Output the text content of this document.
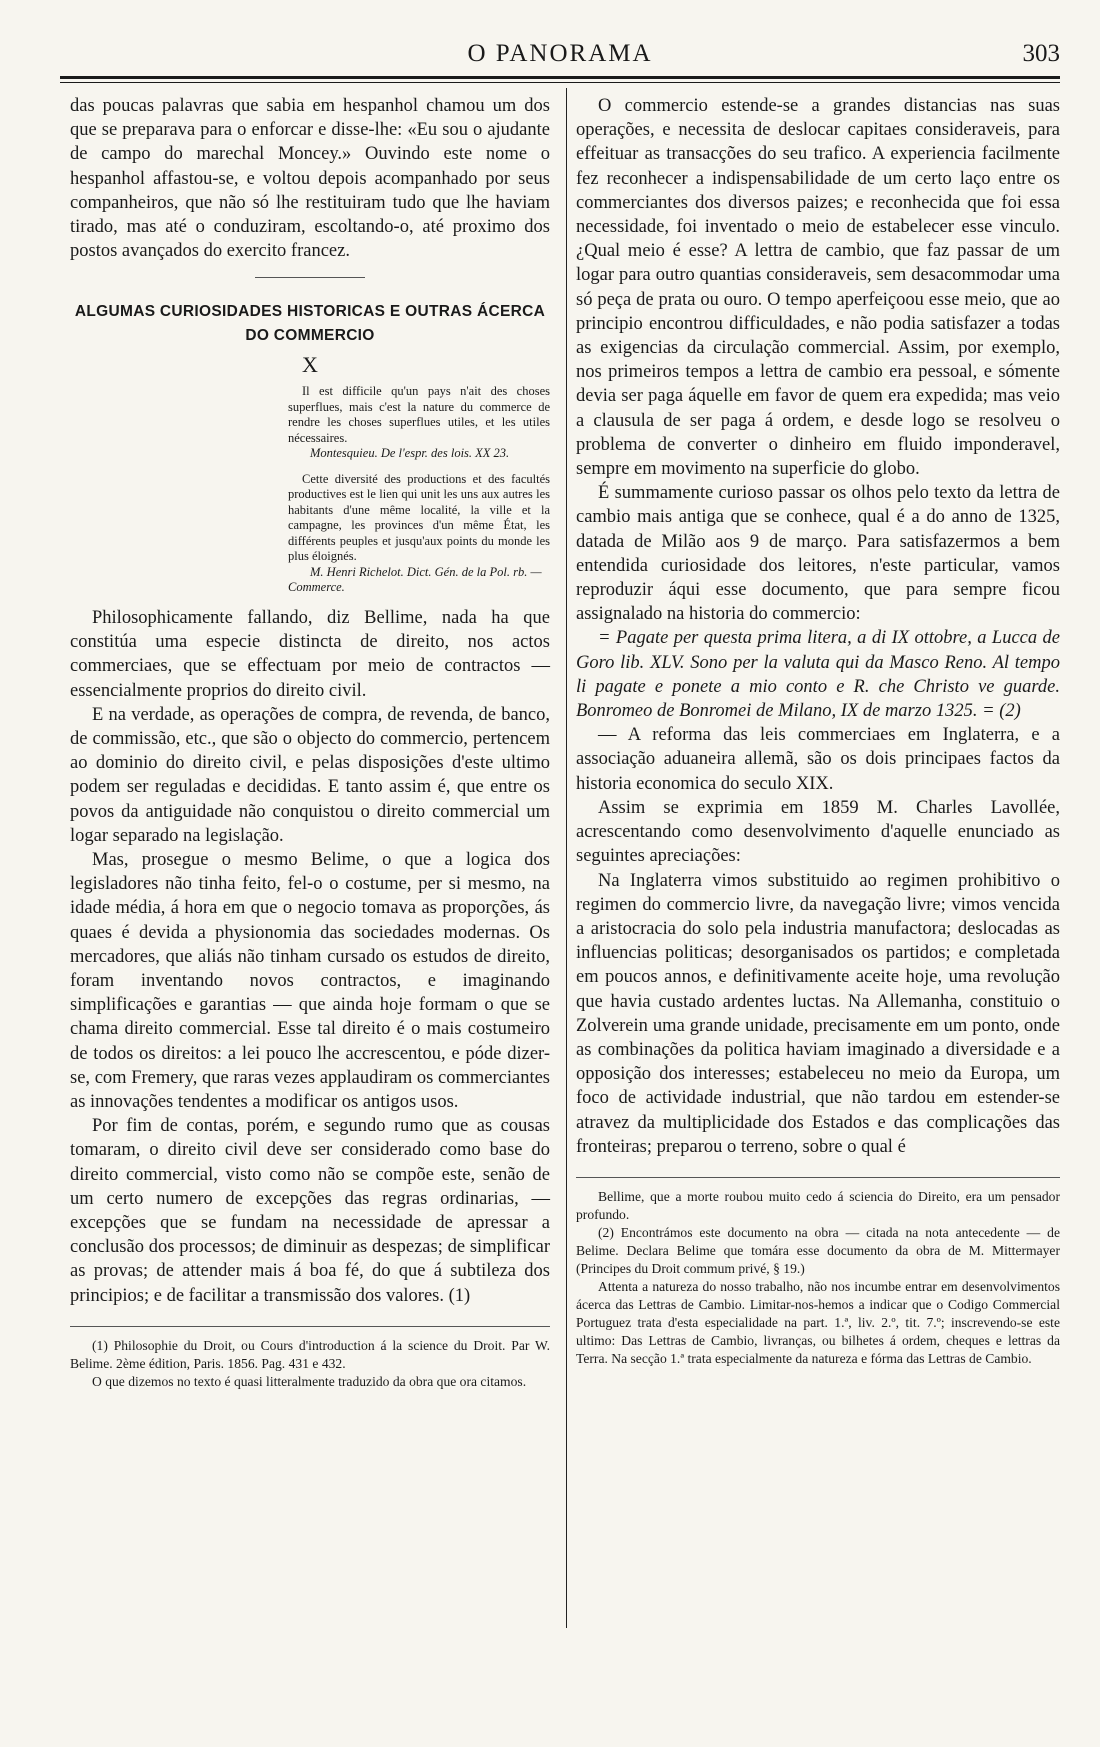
O PANORAMA	303

das poucas palavras que sabia em hespanhol chamou um dos que se preparava para o enforcar e disse-lhe: «Eu sou o ajudante de campo do marechal Moncey.» Ouvindo este nome o hespanhol affastou-se, e voltou depois acompanhado por seus companheiros, que não só lhe restituiram tudo que lhe haviam tirado, mas até o conduziram, escoltando-o, até proximo dos postos avançados do exercito francez.

ALGUMAS CURIOSIDADES HISTORICAS E OUTRAS ÁCERCA
DO COMMERCIO
X
Il est difficile qu'un pays n'ait des choses superflues, mais c'est la nature du commerce de rendre les choses superflues utiles, et les utiles nécessaires.
Montesquieu. De l'espr. des lois. XX 23.
Cette diversité des productions et des facultés productives est le lien qui unit les uns aux autres les habitants d'une même localité, la ville et la campagne, les provinces d'un même État, les différents peuples et jusqu'aux points du monde les plus éloignés.
M. Henri Richelot. Dict. Gén. de la Pol. rb. — Commerce.

Philosophicamente fallando, diz Bellime, nada ha que constitúa uma especie distincta de direito, nos actos commerciaes, que se effectuam por meio de contractos — essencialmente proprios do direito civil.

E na verdade, as operações de compra, de revenda, de banco, de commissão, etc., que são o objecto do commercio, pertencem ao dominio do direito civil, e pelas disposições d'este ultimo podem ser reguladas e decididas. E tanto assim é, que entre os povos da antiguidade não conquistou o direito commercial um logar separado na legislação.

Mas, prosegue o mesmo Belime, o que a logica dos legisladores não tinha feito, fel-o o costume, per si mesmo, na idade média, á hora em que o negocio tomava as proporções, ás quaes é devida a physionomia das sociedades modernas. Os mercadores, que aliás não tinham cursado os estudos de direito, foram inventando novos contractos, e imaginando simplificações e garantias — que ainda hoje formam o que se chama direito commercial. Esse tal direito é o mais costumeiro de todos os direitos: a lei pouco lhe accrescentou, e póde dizer-se, com Fremery, que raras vezes applaudiram os commerciantes as innovações tendentes a modificar os antigos usos.

Por fim de contas, porém, e segundo rumo que as cousas tomaram, o direito civil deve ser considerado como base do direito commercial, visto como não se compõe este, senão de um certo numero de excepções das regras ordinarias, — excepções que se fundam na necessidade de apressar a conclusão dos processos; de diminuir as despezas; de simplificar as provas; de attender mais á boa fé, do que á subtileza dos principios; e de facilitar a transmissão dos valores. (1)

(1) Philosophie du Droit, ou Cours d'introduction á la science du Droit. Par W. Belime. 2ème édition, Paris. 1856. Pag. 431 e 432.

O que dizemos no texto é quasi litteralmente traduzido da obra que ora citamos.

O commercio estende-se a grandes distancias nas suas operações, e necessita de deslocar capitaes consideraveis, para effeituar as transacções do seu trafico. A experiencia facilmente fez reconhecer a indispensabilidade de um certo laço entre os commerciantes dos diversos paizes; e reconhecida que foi essa necessidade, foi inventado o meio de estabelecer esse vinculo. ¿Qual meio é esse? A lettra de cambio, que faz passar de um logar para outro quantias consideraveis, sem desacommodar uma só peça de prata ou ouro. O tempo aperfeiçoou esse meio, que ao principio encontrou difficuldades, e não podia satisfazer a todas as exigencias da circulação commercial. Assim, por exemplo, nos primeiros tempos a lettra de cambio era pessoal, e sómente devia ser paga áquelle em favor de quem era expedida; mas veio a clausula de ser paga á ordem, e desde logo se resolveu o problema de converter o dinheiro em fluido imponderavel, sempre em movimento na superficie do globo.

É summamente curioso passar os olhos pelo texto da lettra de cambio mais antiga que se conhece, qual é a do anno de 1325, datada de Milão aos 9 de março. Para satisfazermos a bem entendida curiosidade dos leitores, n'este particular, vamos reproduzir áqui esse documento, que para sempre ficou assignalado na historia do commercio:

= Pagate per questa prima litera, a di IX ottobre, a Lucca de Goro lib. XLV. Sono per la valuta qui da Masco Reno. Al tempo li pagate e ponete a mio conto e R. che Christo ve guarde. Bonromeo de Bonromei de Milano, IX de marzo 1325. = (2)

— A reforma das leis commerciaes em Inglaterra, e a associação aduaneira allemã, são os dois principaes factos da historia economica do seculo XIX.

Assim se exprimia em 1859 M. Charles Lavollée, acrescentando como desenvolvimento d'aquelle enunciado as seguintes apreciações:

Na Inglaterra vimos substituido ao regimen prohibitivo o regimen do commercio livre, da navegação livre; vimos vencida a aristocracia do solo pela industria manufactora; deslocadas as influencias politicas; desorganisados os partidos; e completada em poucos annos, e definitivamente aceite hoje, uma revolução que havia custado ardentes luctas. Na Allemanha, constituio o Zolverein uma grande unidade, precisamente em um ponto, onde as combinações da politica haviam imaginado a diversidade e a opposição dos interesses; estabeleceu no meio da Europa, um foco de actividade industrial, que não tardou em estender-se atravez da multiplicidade dos Estados e das complicações das fronteiras; preparou o terreno, sobre o qual é

Bellime, que a morte roubou muito cedo á sciencia do Direito, era um pensador profundo.

(2) Encontrámos este documento na obra — citada na nota antecedente — de Belime. Declara Belime que tomára esse documento da obra de M. Mittermayer (Principes du Droit commum privé, § 19.)

Attenta a natureza do nosso trabalho, não nos incumbe entrar em desenvolvimentos ácerca das Lettras de Cambio. Limitar-nos-hemos a indicar que o Codigo Commercial Portuguez trata d'esta especialidade na part. 1.ª, liv. 2.º, tit. 7.º; inscrevendo-se este ultimo: Das Lettras de Cambio, livranças, ou bilhetes á ordem, cheques e lettras da Terra. Na secção 1.ª trata especialmente da natureza e fórma das Lettras de Cambio.
